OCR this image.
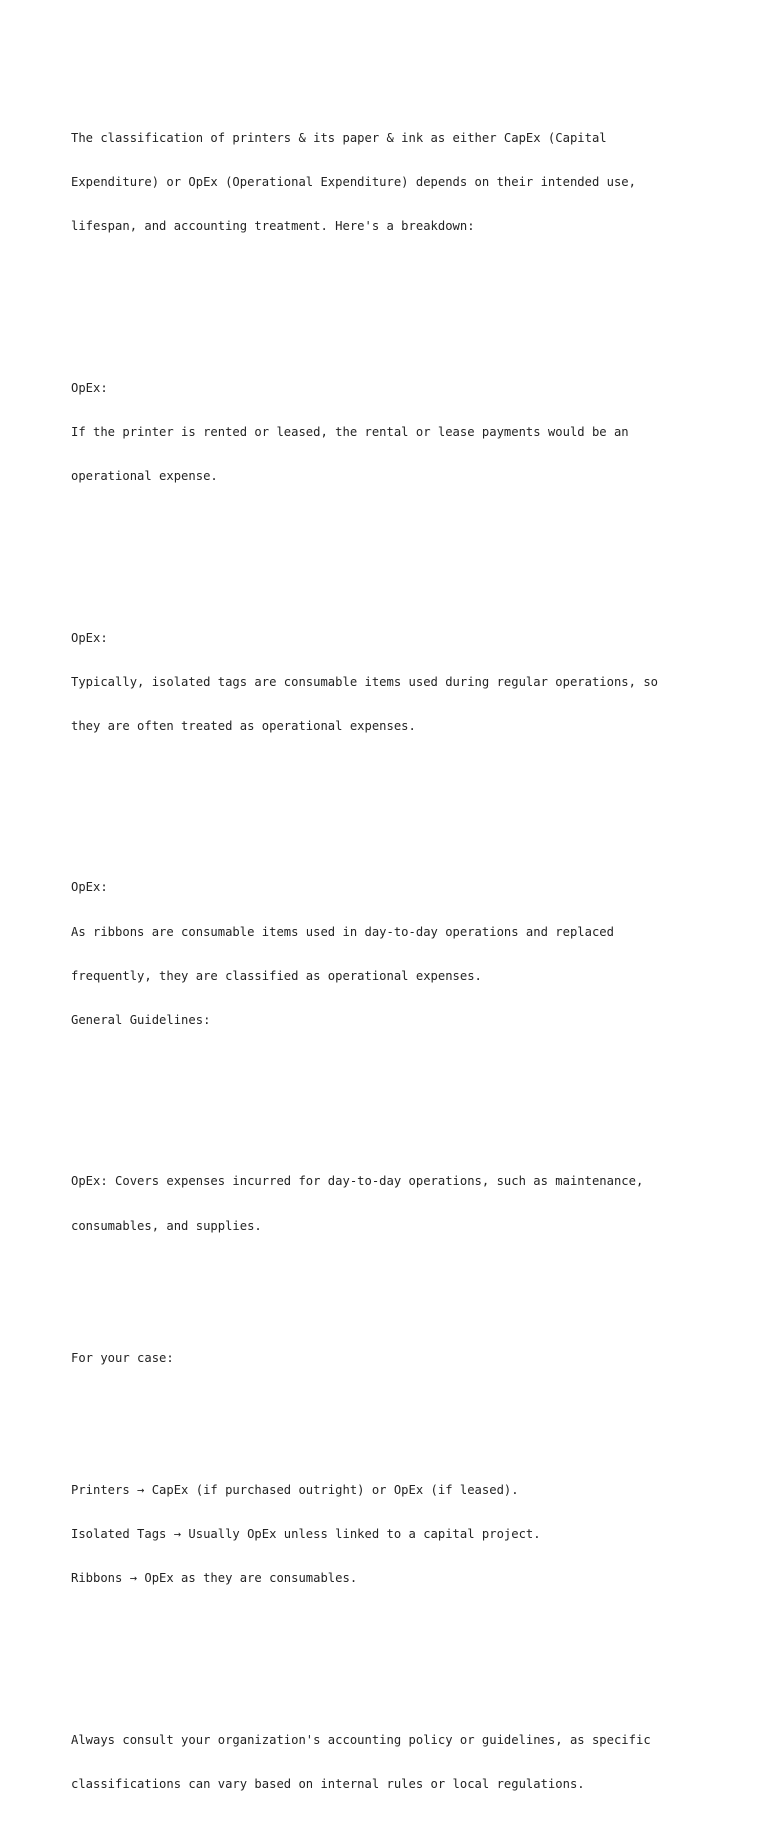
The classification of printers & its paper & ink as either CapEx (Capital

Expenditure) or OpEx (Operational Expenditure) depends on their intended use,

lifespan, and accounting treatment. Here's a breakdown:

OpEx:

If the printer is rented or leased, the rental or lease payments would be an

operational expense.

OpEx:

Typically, isolated tags are consumable items used during regular operations, so

they are often treated as operational expenses.

OpEx:

As ribbons are consumable items used in day-to-day operations and replaced

frequently, they are classified as operational expenses.

General Guidelines:

OpEx: Covers expenses incurred for day-to-day operations, such as maintenance,

consumables, and supplies.

For your case:

Printers → CapEx (if purchased outright) or OpEx (if leased).

Isolated Tags → Usually OpEx unless linked to a capital project.

Ribbons → OpEx as they are consumables.

Always consult your organization's accounting policy or guidelines, as specific

classifications can vary based on internal rules or local regulations.
